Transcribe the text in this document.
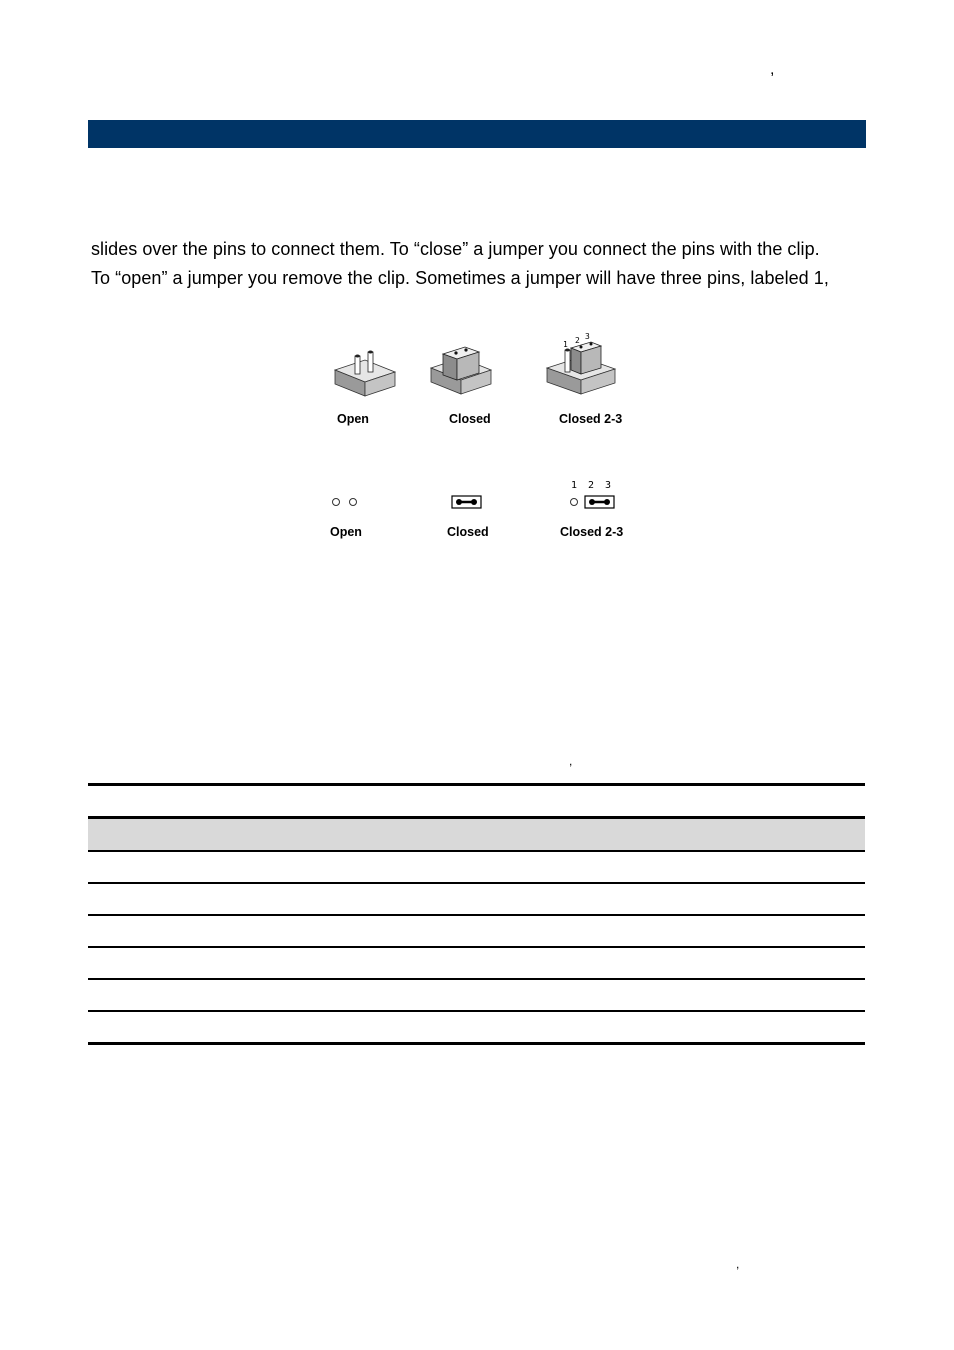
,
slides over the pins to connect them. To “close” a jumper you connect the pins with the clip.
To “open” a jumper you remove the clip. Sometimes a jumper will have three pins, labeled 1,
1 2 3
Open	Closed	Closed 2-3
1 2 3
Open	Closed	Closed 2-3
,
,
